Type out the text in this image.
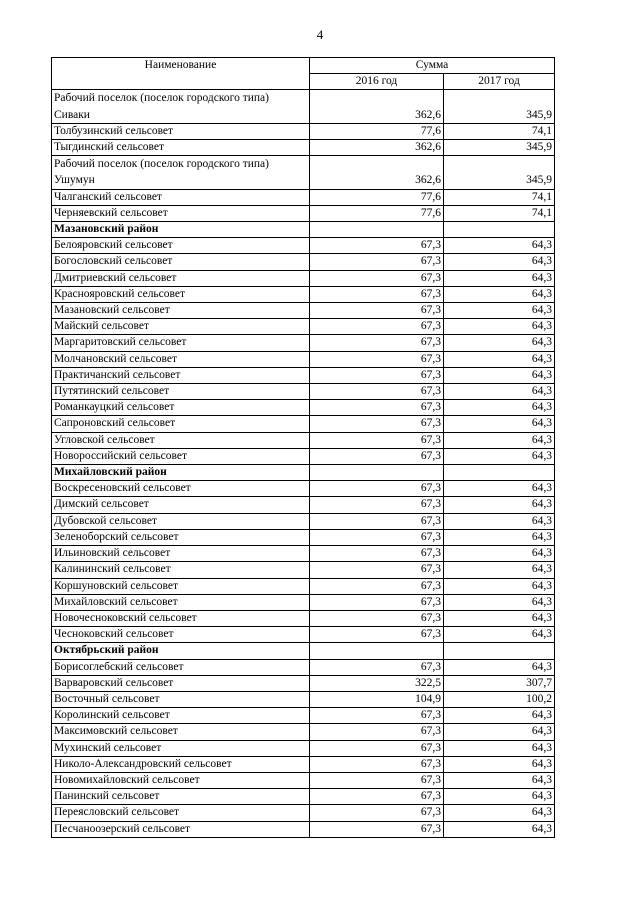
4
Наименование	Сумма	
	2016 год	2017 год
Рабочий поселок (поселок городского типа) Сиваки	362,6	345,9
Толбузинский сельсовет	77,6	74,1
Тыгдинский сельсовет	362,6	345,9
Рабочий поселок (поселок городского типа) Ушумун	362,6	345,9
Чалганский сельсовет	77,6	74,1
Черняевский сельсовет	77,6	74,1
Мазановский район		
Белояровский сельсовет	67,3	64,3
Богословский сельсовет	67,3	64,3
Дмитриевский сельсовет	67,3	64,3
Краснояровский сельсовет	67,3	64,3
Мазановский сельсовет	67,3	64,3
Майский сельсовет	67,3	64,3
Маргаритовский сельсовет	67,3	64,3
Молчановский сельсовет	67,3	64,3
Практичанский сельсовет	67,3	64,3
Путятинский сельсовет	67,3	64,3
Романкауцкий сельсовет	67,3	64,3
Сапроновский сельсовет	67,3	64,3
Угловской сельсовет	67,3	64,3
Новороссийский сельсовет	67,3	64,3
Михайловский район		
Воскресеновский сельсовет	67,3	64,3
Димский сельсовет	67,3	64,3
Дубовской сельсовет	67,3	64,3
Зеленоборский сельсовет	67,3	64,3
Ильиновский сельсовет	67,3	64,3
Калининский сельсовет	67,3	64,3
Коршуновский сельсовет	67,3	64,3
Михайловский сельсовет	67,3	64,3
Новочесноковский сельсовет	67,3	64,3
Чесноковский сельсовет	67,3	64,3
Октябрьский район		
Борисоглебский сельсовет	67,3	64,3
Варваровский сельсовет	322,5	307,7
Восточный сельсовет	104,9	100,2
Королинский сельсовет	67,3	64,3
Максимовский сельсовет	67,3	64,3
Мухинский сельсовет	67,3	64,3
Николо-Александровский сельсовет	67,3	64,3
Новомихайловский сельсовет	67,3	64,3
Панинский сельсовет	67,3	64,3
Переясловский сельсовет	67,3	64,3
Песчаноозерский сельсовет	67,3	64,3
